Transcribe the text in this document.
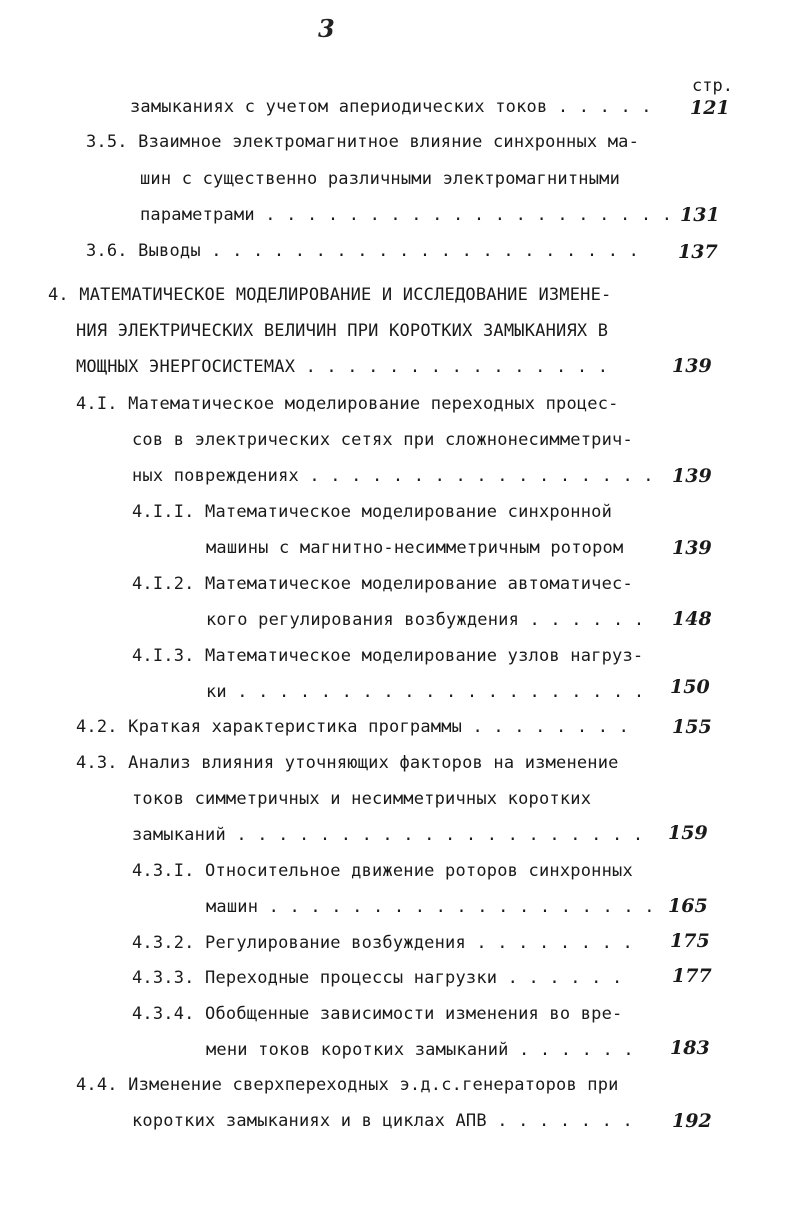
3
стр.
замыканиях с учетом апериодических токов . . . . . 121
3.5. Взаимное электромагнитное влияние синхронных ма-
шин с существенно различными электромагнитными
параметрами . . . . . . . . . . . . . . . . . . . . 131
3.6. Выводы . . . . . . . . . . . . . . . . . . . . . 137
4. МАТЕМАТИЧЕСКОЕ МОДЕЛИРОВАНИЕ И ИССЛЕДОВАНИЕ ИЗМЕНЕ-
НИЯ ЭЛЕКТРИЧЕСКИХ ВЕЛИЧИН ПРИ КОРОТКИХ ЗАМЫКАНИЯХ В
МОЩНЫХ ЭНЕРГОСИСТЕМАХ . . . . . . . . . . . . . . .	139
4.I. Математическое моделирование переходных процес-
сов в электрических сетях при сложнонесимметрич-
ных повреждениях . . . . . . . . . . . . . . . . . 139
4.I.I. Математическое моделирование синхронной
машины с магнитно-несимметричным ротором	139
4.I.2. Математическое моделирование автоматичес-
кого регулирования возбуждения . . . . . . 148
4.I.3. Математическое моделирование узлов нагруз-
ки . . . . . . . . . . . . . . . . . . . . 150
4.2. Краткая характеристика программы . . . . . . . . 155
4.3. Анализ влияния уточняющих факторов на изменение
токов симметричных и несимметричных коротких
замыканий . . . . . . . . . . . . . . . . . . . . 159
4.3.I. Относительное движение роторов синхронных
машин . . . . . . . . . . . . . . . . . . . 165
4.3.2. Регулирование возбуждения . . . . . . . . 175
4.3.3. Переходные процессы нагрузки . . . . . .	177
4.3.4. Обобщенные зависимости изменения во вре-
мени токов коротких замыканий . . . . . . 183
4.4. Изменение сверхпереходных э.д.с.генераторов при
коротких замыканиях и в циклах АПВ . . . . . . . 192
